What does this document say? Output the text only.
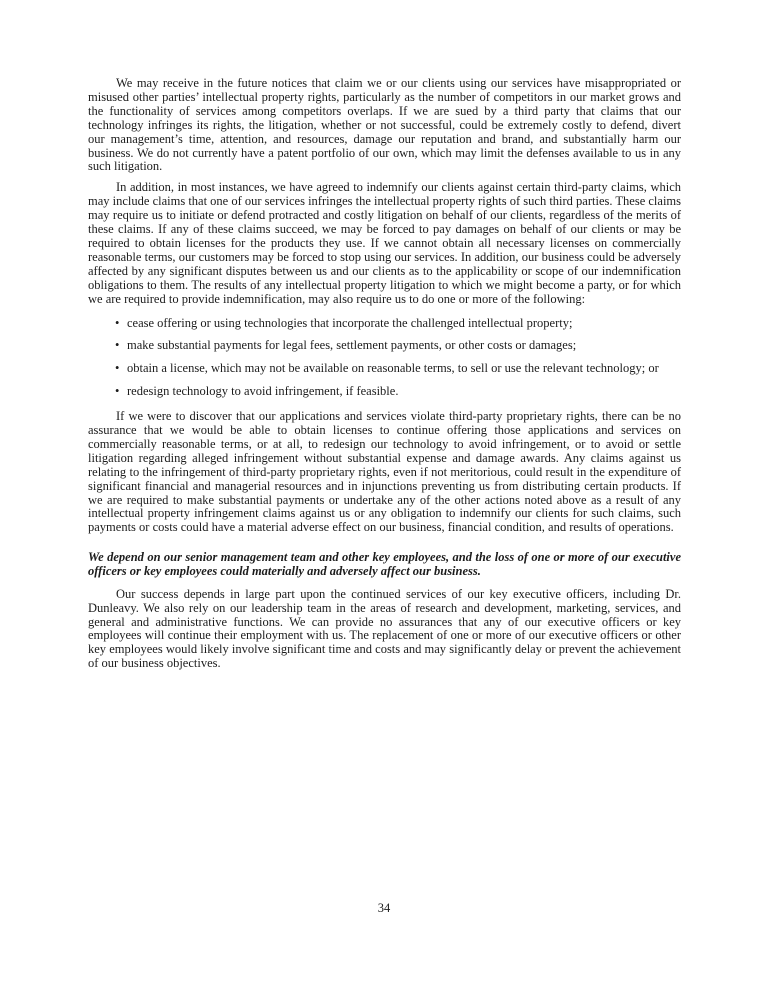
We may receive in the future notices that claim we or our clients using our services have misappropriated or misused other parties’ intellectual property rights, particularly as the number of competitors in our market grows and the functionality of services among competitors overlaps. If we are sued by a third party that claims that our technology infringes its rights, the litigation, whether or not successful, could be extremely costly to defend, divert our management’s time, attention, and resources, damage our reputation and brand, and substantially harm our business. We do not currently have a patent portfolio of our own, which may limit the defenses available to us in any such litigation.

In addition, in most instances, we have agreed to indemnify our clients against certain third-party claims, which may include claims that one of our services infringes the intellectual property rights of such third parties. These claims may require us to initiate or defend protracted and costly litigation on behalf of our clients, regardless of the merits of these claims. If any of these claims succeed, we may be forced to pay damages on behalf of our clients or may be required to obtain licenses for the products they use. If we cannot obtain all necessary licenses on commercially reasonable terms, our customers may be forced to stop using our services. In addition, our business could be adversely affected by any significant disputes between us and our clients as to the applicability or scope of our indemnification obligations to them. The results of any intellectual property litigation to which we might become a party, or for which we are required to provide indemnification, may also require us to do one or more of the following:

• cease offering or using technologies that incorporate the challenged intellectual property;
• make substantial payments for legal fees, settlement payments, or other costs or damages;
• obtain a license, which may not be available on reasonable terms, to sell or use the relevant technology; or
• redesign technology to avoid infringement, if feasible.

If we were to discover that our applications and services violate third-party proprietary rights, there can be no assurance that we would be able to obtain licenses to continue offering those applications and services on commercially reasonable terms, or at all, to redesign our technology to avoid infringement, or to avoid or settle litigation regarding alleged infringement without substantial expense and damage awards. Any claims against us relating to the infringement of third-party proprietary rights, even if not meritorious, could result in the expenditure of significant financial and managerial resources and in injunctions preventing us from distributing certain products. If we are required to make substantial payments or undertake any of the other actions noted above as a result of any intellectual property infringement claims against us or any obligation to indemnify our clients for such claims, such payments or costs could have a material adverse effect on our business, financial condition, and results of operations.

We depend on our senior management team and other key employees, and the loss of one or more of our executive officers or key employees could materially and adversely affect our business.

Our success depends in large part upon the continued services of our key executive officers, including Dr. Dunleavy. We also rely on our leadership team in the areas of research and development, marketing, services, and general and administrative functions. We can provide no assurances that any of our executive officers or key employees will continue their employment with us. The replacement of one or more of our executive officers or other key employees would likely involve significant time and costs and may significantly delay or prevent the achievement of our business objectives.

34
